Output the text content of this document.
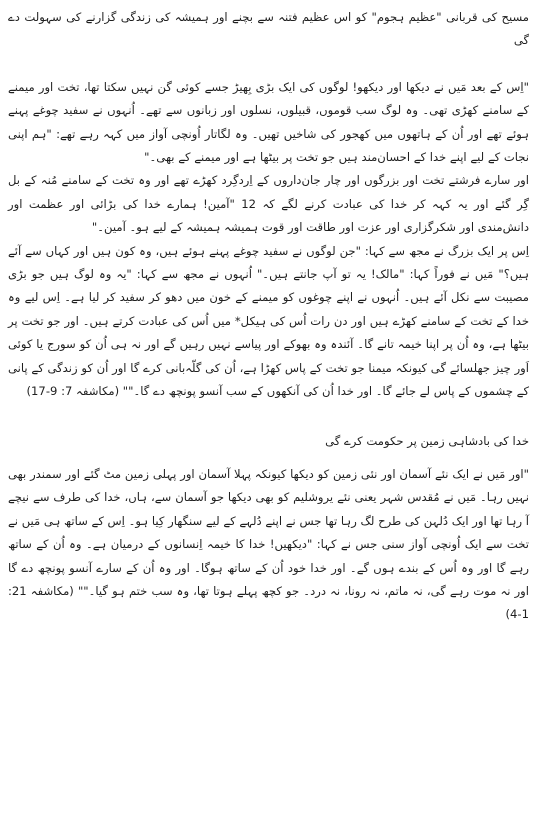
مسیح کی قربانی "عظیم ہجوم" کو اس عظیم فتنہ سے بچنے اور ہمیشہ کی زندگی گزارنے کی سہولت دے گی

"اِس کے بعد مَیں نے دیکھا اور دیکھو! لوگوں کی ایک بڑی بِھیڑ جسے کوئی گن نہیں سکتا تھا، تخت اور میمنے کے سامنے کھڑی تھی۔ وہ لوگ سب قوموں، قبیلوں، نسلوں اور زبانوں سے تھے۔ اُنہوں نے سفید چوغے پہنے ہوئے تھے اور اُن کے ہاتھوں میں کھجور کی شاخیں تھیں۔ وہ لگاتار اُونچی آواز میں کہہ رہے تھے: "ہم اپنی نجات کے لیے اپنے خدا کے احسان‌مند ہیں جو تخت پر بیٹھا ہے اور میمنے کے بھی۔"

اور سارے فرشتے تخت اور بزرگوں اور چار جان‌داروں کے اِردگِرد کھڑے تھے اور وہ تخت کے سامنے مُنہ کے بل گِر گئے اور یہ کہہ کر خدا کی عبادت کرنے لگے کہ 12 "آمین! ہمارے خدا کی بڑائی اور عظمت اور دانش‌مندی اور شکرگزاری اور عزت اور طاقت اور قوت ہمیشہ ہمیشہ کے لیے ہو۔ آمین۔"

اِس پر ایک بزرگ نے مجھ سے کہا: "جن لوگوں نے سفید چوغے پہنے ہوئے ہیں، وہ کون ہیں اور کہاں سے آئے ہیں؟" مَیں نے فوراً کہا: "مالک! یہ تو آپ جانتے ہیں۔" اُنہوں نے مجھ سے کہا: "یہ وہ لوگ ہیں جو بڑی مصیبت سے نکل آئے ہیں۔ اُنہوں نے اپنے چوغوں کو میمنے کے خون میں دھو کر سفید کر لیا ہے۔ اِس لیے وہ خدا کے تخت کے سامنے کھڑے ہیں اور دن رات اُس کی ہیکل* میں اُس کی عبادت کرتے ہیں۔ اور جو تخت پر بیٹھا ہے، وہ اُن پر اپنا خیمہ تانے گا۔ آئندہ وہ بھوکے اور پیاسے نہیں رہیں گے اور نہ ہی اُن کو سورج یا کوئی اَور چیز جھلسائے گی کیونکہ میمنا جو تخت کے پاس کھڑا ہے، اُن کی گلّہ‌بانی کرے گا اور اُن کو زندگی کے پانی کے چشموں کے پاس لے جائے گا۔ اور خدا اُن کی آنکھوں کے سب آنسو پونچھ دے گا۔"" (مکاشفہ 7: 9-17)

خدا کی بادشاہی زمین پر حکومت کرے گی

"اور مَیں نے ایک نئے آسمان اور نئی زمین کو دیکھا کیونکہ پہلا آسمان اور پہلی زمین مٹ گئے اور سمندر بھی نہیں رہا۔ مَیں نے مُقدس شہر یعنی نئے یروشلیم کو بھی دیکھا جو آسمان سے، ہاں، خدا کی طرف سے نیچے آ رہا تھا اور ایک دُلہن کی طرح لگ رہا تھا جس نے اپنے دُلہے کے لیے سنگھار کِیا ہو۔ اِس کے ساتھ ہی مَیں نے تخت سے ایک اُونچی آواز سنی جس نے کہا: "دیکھیں! خدا کا خیمہ اِنسانوں کے درمیان ہے۔ وہ اُن کے ساتھ رہے گا اور وہ اُس کے بندے ہوں گے۔ اور خدا خود اُن کے ساتھ ہوگا۔ اور وہ اُن کے سارے آنسو پونچھ دے گا اور نہ موت رہے گی، نہ ماتم، نہ رونا، نہ درد۔ جو کچھ پہلے ہوتا تھا، وہ سب ختم ہو گیا۔"" (مکاشفہ 21: 1-4)
